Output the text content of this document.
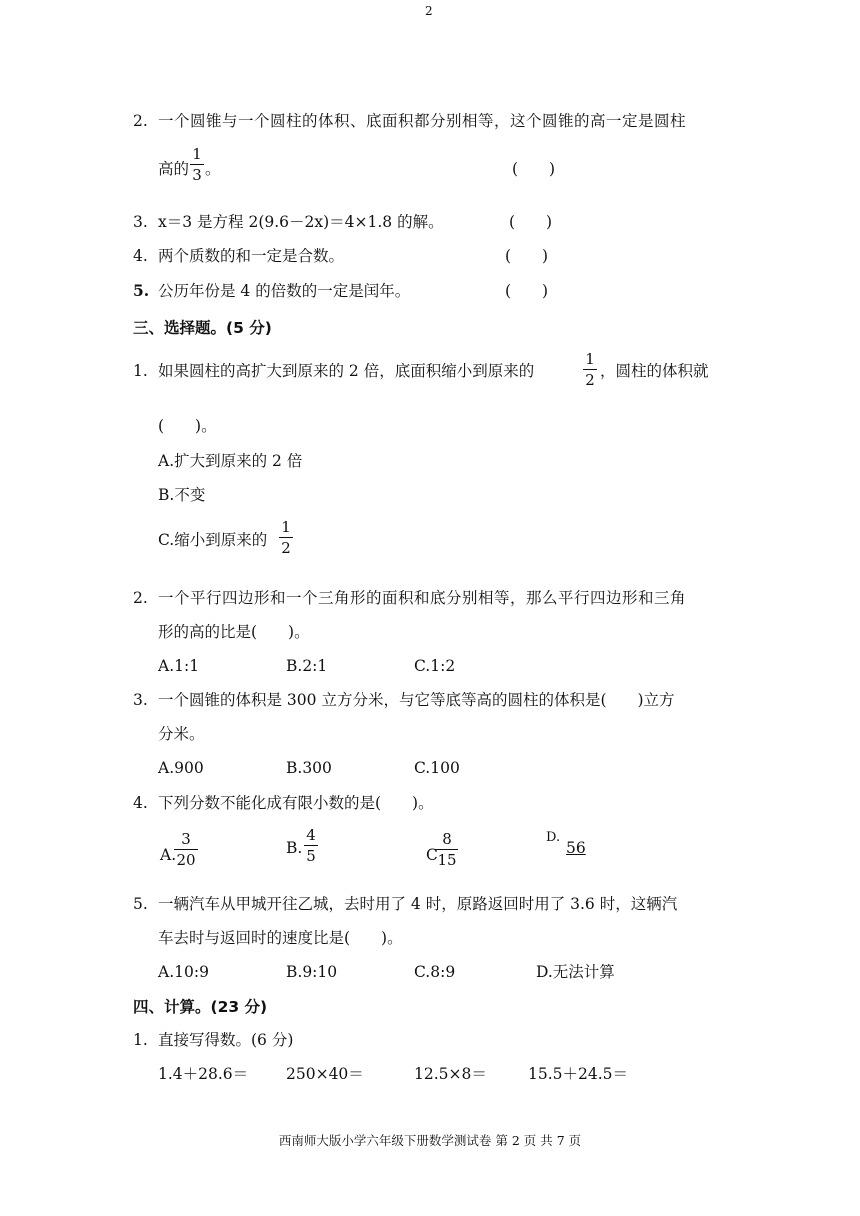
2
2. 一个圆锥与一个圆柱的体积、底面积都分别相等，这个圆锥的高一定是圆柱
高的
1
3 。	(　　)
3. x＝3 是方程 2(9.6－2x)＝4×1.8 的解。	(　　)
4. 两个质数的和一定是合数。	(　　)
5. 公历年份是 4 的倍数的一定是闰年。	(　　)
三、选择题。(5 分)
1. 如果圆柱的高扩大到原来的 2 倍，底面积缩小到原来的
1
2 ，圆柱的体积就
(　　)。
A.扩大到原来的 2 倍
B.不变
C.缩小到原来的
1
2
2. 一个平行四边形和一个三角形的面积和底分别相等，那么平行四边形和三角
形的高的比是(　　)。
A.1:1	B.2:1	C.1:2
3. 一个圆锥的体积是 300 立方分米，与它等底等高的圆柱的体积是(　　)立方
分米。
A.900	B.300	C.100
4. 下列分数不能化成有限小数的是(　　)。
A.
3
20
B.
4
5	C
8
15
D.
56
5. 一辆汽车从甲城开往乙城，去时用了 4 时，原路返回时用了 3.6 时，这辆汽
车去时与返回时的速度比是(　　)。
A.10:9	B.9:10	C.8:9	D.无法计算
四、计算。(23 分)
1. 直接写得数。(6 分)
1.4＋28.6＝ 250×40＝	12.5×8＝	15.5＋24.5＝
西南师大版小学六年级下册数学测试卷 第 2 页 共 7 页
